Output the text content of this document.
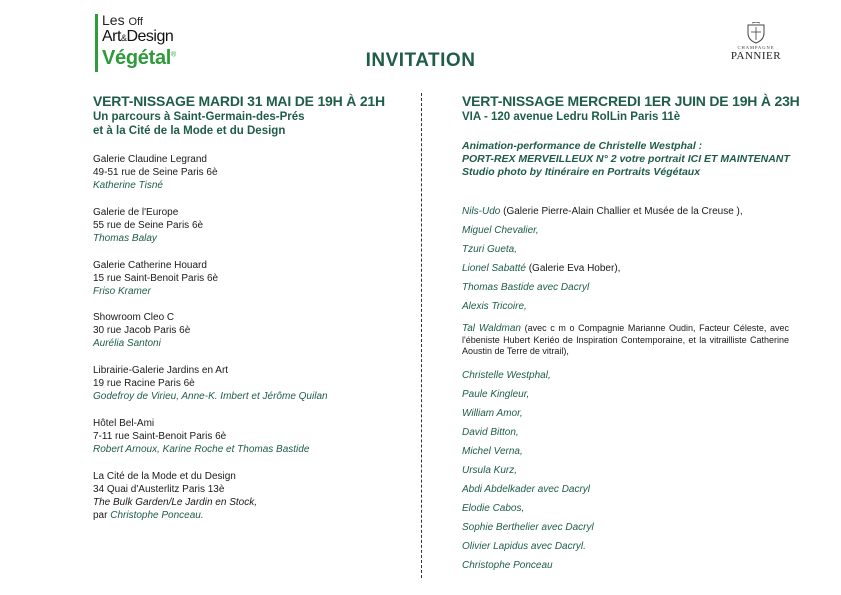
Les Off
Art&Design
Végétal®	INVITATION
CHAMPAGNE
PANNIER
VERT-NISSAGE MARDI 31 MAI DE 19H À 21H
Un parcours à Saint-Germain-des-Prés
et à la Cité de la Mode et du Design
Galerie Claudine Legrand
49-51 rue de Seine Paris 6è
Katherine Tisné
Galerie de l'Europe
55 rue de Seine Paris 6è
Thomas Balay
Galerie Catherine Houard
15 rue Saint-Benoit Paris 6è
Friso Kramer
Showroom Cleo C
30 rue Jacob Paris 6è
Aurélia Santoni
Librairie-Galerie Jardins en Art
19 rue Racine Paris 6è
Godefroy de Virieu, Anne-K. Imbert et Jérôme Quilan
Hôtel Bel-Ami
7-11 rue Saint-Benoit Paris 6è
Robert Arnoux, Karine Roche et Thomas Bastide
La Cité de la Mode et du Design
34 Quai d'Austerlitz Paris 13è
The Bulk Garden/Le Jardin en Stock,
par Christophe Ponceau.
VERT-NISSAGE MERCREDI 1ER JUIN DE 19H À 23H
VIA - 120 avenue Ledru RolLin Paris 11è
Animation-performance de Christelle Westphal :
PORT-REX MERVEILLEUX N° 2 votre portrait ICI ET MAINTENANT
Studio photo by Itinéraire en Portraits Végétaux
Nils-Udo (Galerie Pierre-Alain Challier et Musée de la Creuse ),
Miguel Chevalier,
Tzuri Gueta,
Lionel Sabatté (Galerie Eva Hober),
Thomas Bastide avec Dacryl
Alexis Tricoire,
Tal Waldman (avec c m o Compagnie Marianne Oudin, Facteur Céleste, avec l'ébeniste Hubert Keriéo de Inspiration Contemporaine, et la vitrailliste Catherine Aoustin de Terre de vitrail),
Christelle Westphal,
Paule Kingleur,
William Amor,
David Bitton,
Michel Verna,
Ursula Kurz,
Abdi Abdelkader avec Dacryl
Elodie Cabos,
Sophie Berthelier avec Dacryl
Olivier Lapidus avec Dacryl.
Christophe Ponceau
